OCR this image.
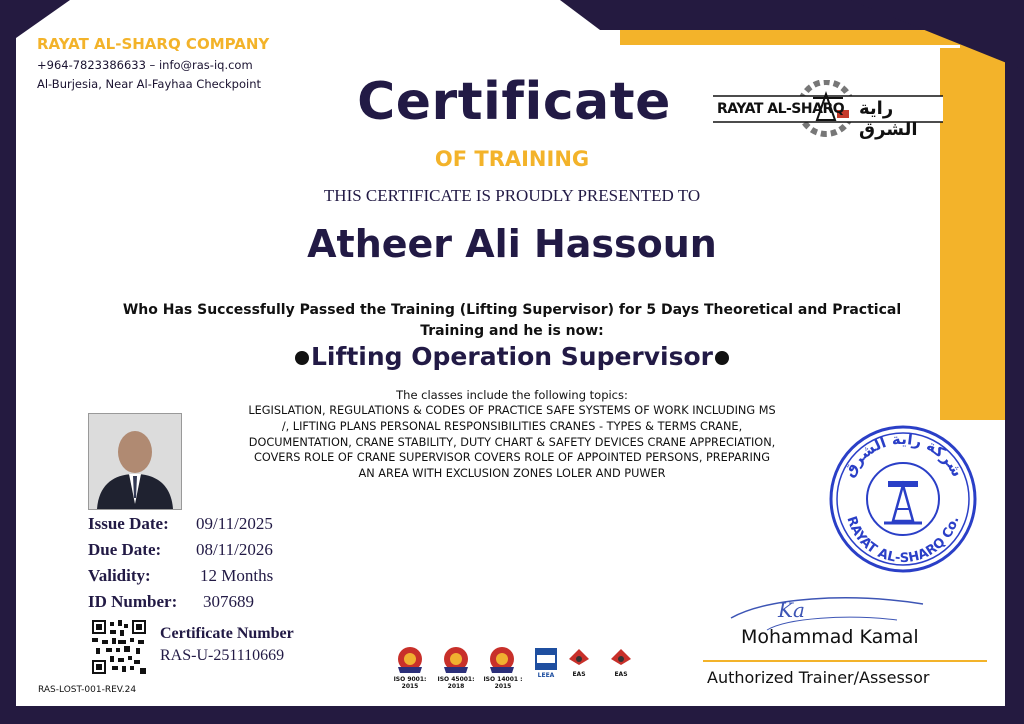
RAYAT AL-SHARQ COMPANY
+964-7823386633 – info@ras-iq.com
Al-Burjesia, Near Al-Fayhaa Checkpoint
RAYAT AL-SHARQ راية الشرق
Certificate
OF TRAINING
THIS CERTIFICATE IS PROUDLY PRESENTED TO
Atheer Ali Hassoun
Who Has Successfully Passed the Training (Lifting Supervisor) for 5 Days Theoretical and Practical
Training and he is now:
Lifting Operation Supervisor
The classes include the following topics:
LEGISLATION, REGULATIONS & CODES OF PRACTICE SAFE SYSTEMS OF WORK INCLUDING MS
/, LIFTING PLANS PERSONAL RESPONSIBILITIES CRANES - TYPES & TERMS CRANE,
DOCUMENTATION, CRANE STABILITY, DUTY CHART & SAFETY DEVICES CRANE APPRECIATION,
COVERS ROLE OF CRANE SUPERVISOR COVERS ROLE OF APPOINTED PERSONS, PREPARING
AN AREA WITH EXCLUSION ZONES LOLER AND PUWER
Issue Date: 09/11/2025
Due Date: 08/11/2026
Validity:	12 Months
ID Number: 307689
Certificate Number
RAS-U-251110669
RAS-LOST-001-REV.24
ISO 9001:
2015
ISO 45001:
2018
ISO 14001 :
2015
LEEA	EAS	EAS
شركة راية الشرق
RAYAT AL-SHARQ Co.
Ka
Mohammad Kamal
Authorized Trainer/Assessor
